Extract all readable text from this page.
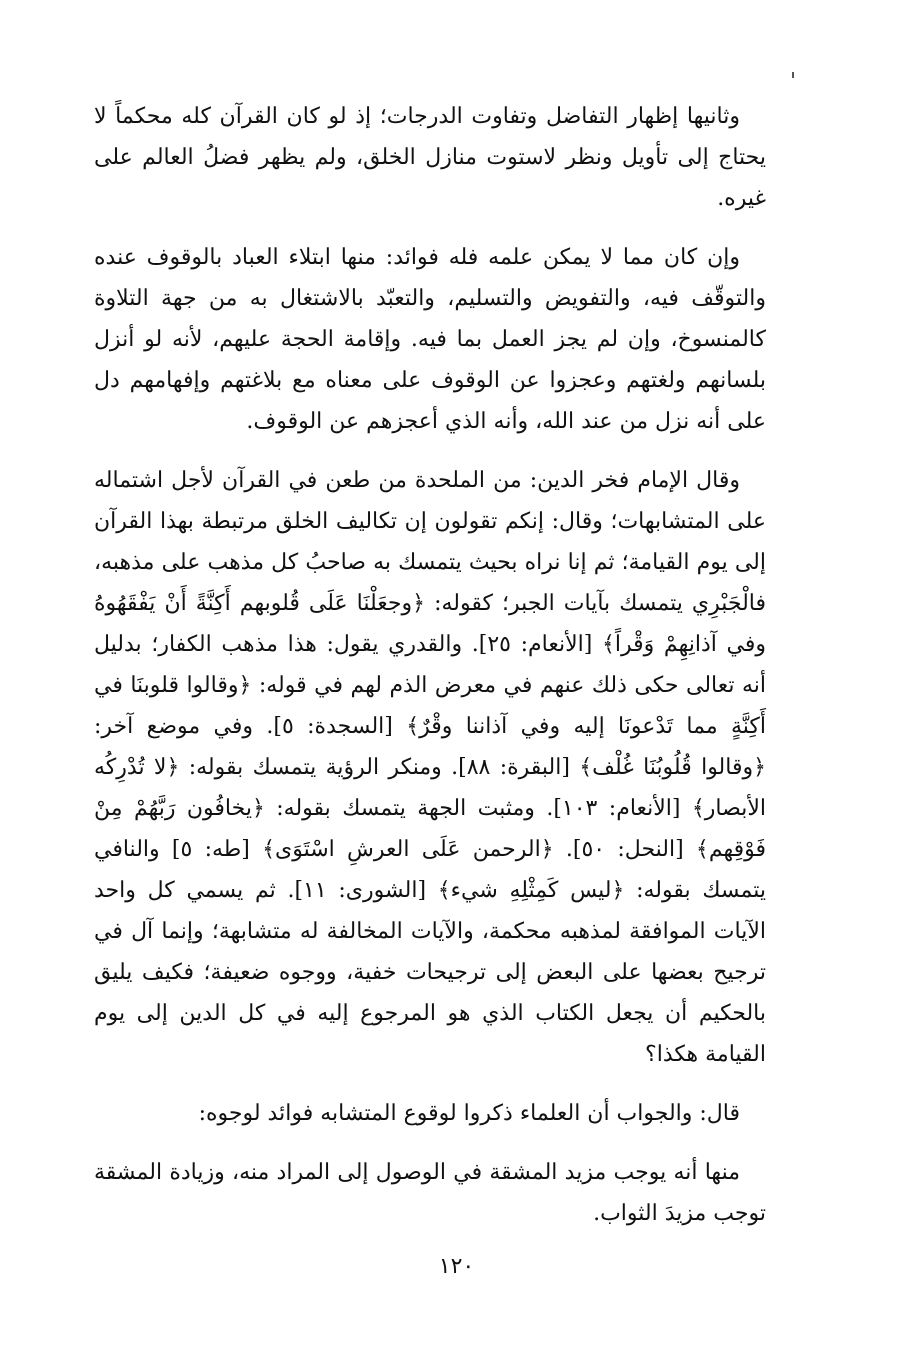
وثانيها إظهار التفاضل وتفاوت الدرجات؛ إذ لو كان القرآن كله محكماً لا يحتاج إلى تأويل ونظر لاستوت منازل الخلق، ولم يظهر فضلُ العالم على غيره.

وإن كان مما لا يمكن علمه فله فوائد: منها ابتلاء العباد بالوقوف عنده والتوقّف فيه، والتفويض والتسليم، والتعبّد بالاشتغال به من جهة التلاوة كالمنسوخ، وإن لم يجز العمل بما فيه. وإقامة الحجة عليهم، لأنه لو أنزل بلسانهم ولغتهم وعجزوا عن الوقوف على معناه مع بلاغتهم وإفهامهم دل على أنه نزل من عند الله، وأنه الذي أعجزهم عن الوقوف.

وقال الإمام فخر الدين: من الملحدة من طعن في القرآن لأجل اشتماله على المتشابهات؛ وقال: إنكم تقولون إن تكاليف الخلق مرتبطة بهذا القرآن إلى يوم القيامة؛ ثم إنا نراه بحيث يتمسك به صاحبُ كل مذهب على مذهبه، فالْجَبْرِي يتمسك بآيات الجبر؛ كقوله: ﴿وجعَلْنَا عَلَى قُلوبهم أَكِنَّةً أَنْ يَفْقَهُوهُ وفي آذانِهِمْ وَقْراً﴾ [الأنعام: ٢٥]. والقدري يقول: هذا مذهب الكفار؛ بدليل أنه تعالى حكى ذلك عنهم في معرض الذم لهم في قوله: ﴿وقالوا قلوبنَا في أَكِنَّةٍ مما تَدْعونَا إليه وفي آذاننا وقْرٌ﴾ [السجدة: ٥]. وفي موضع آخر: ﴿وقالوا قُلُوبُنَا غُلْف﴾ [البقرة: ٨٨]. ومنكر الرؤية يتمسك بقوله: ﴿لا تُدْرِكُه الأبصار﴾ [الأنعام: ١٠٣]. ومثبت الجهة يتمسك بقوله: ﴿يخافُون رَبَّهُمْ مِنْ فَوْقِهم﴾ [النحل: ٥٠]. ﴿الرحمن عَلَى العرشِ اسْتَوَى﴾ [طه: ٥] والنافي يتمسك بقوله: ﴿ليس كَمِثْلِهِ شيء﴾ [الشورى: ١١]. ثم يسمي كل واحد الآيات الموافقة لمذهبه محكمة، والآيات المخالفة له متشابهة؛ وإنما آل في ترجيح بعضها على البعض إلى ترجيحات خفية، ووجوه ضعيفة؛ فكيف يليق بالحكيم أن يجعل الكتاب الذي هو المرجوع إليه في كل الدين إلى يوم القيامة هكذا؟

قال: والجواب أن العلماء ذكروا لوقوع المتشابه فوائد لوجوه:

منها أنه يوجب مزيد المشقة في الوصول إلى المراد منه، وزيادة المشقة توجب مزيدَ الثواب.

١٢٠
